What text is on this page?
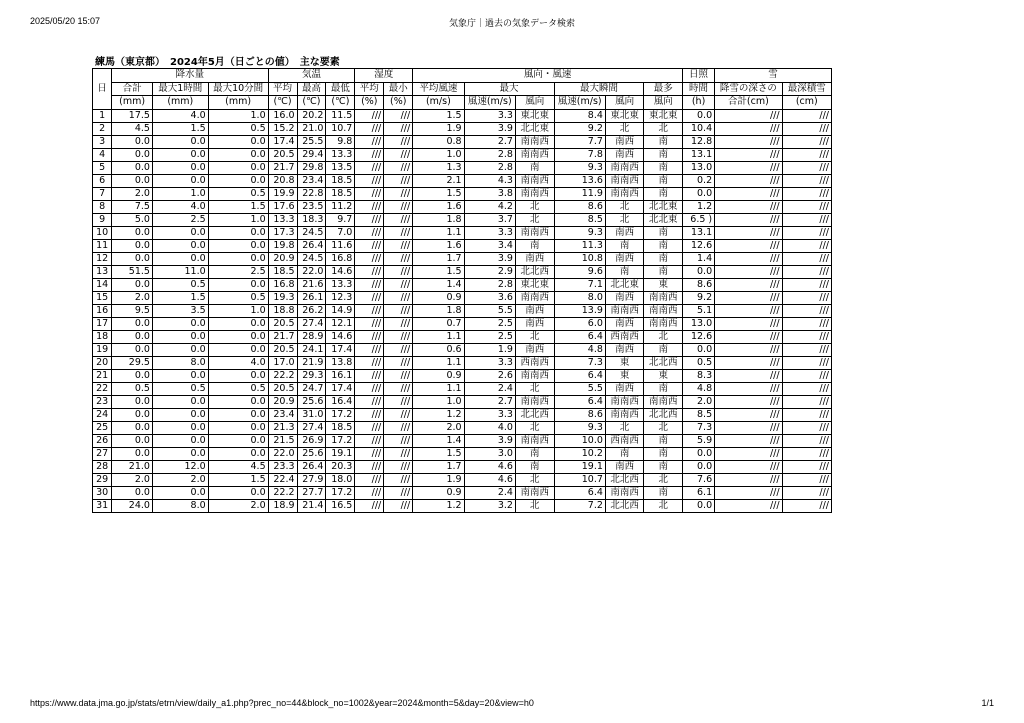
2025/05/20 15:07	気象庁｜過去の気象データ検索
練馬（東京都）　2024年5月（日ごとの値）　主な要素
日	降水量			気温			湿度		風向・風速						日照	雪	
	合計	最大1時間	最大10分間	平均	最高	最低	平均	最小	平均風速	最大		最大瞬間		最多	時間	降雪の深さの	最深積雪
	(mm)	(mm)	(mm)	(℃)	(℃)	(℃)	(%)	(%)	(m/s)	風速(m/s)	風向	風速(m/s)	風向	風向	(h)	合計(cm)	(cm)
1	17.5	4.0	1.0	16.0	20.2	11.5	///	///	1.5	3.3	東北東	8.4	東北東	東北東	0.0	///	///
2	4.5	1.5	0.5	15.2	21.0	10.7	///	///	1.9	3.9	北北東	9.2	北	北	10.4	///	///
3	0.0	0.0	0.0	17.4	25.5	9.8	///	///	0.8	2.7	南南西	7.7	南西	南	12.8	///	///
4	0.0	0.0	0.0	20.5	29.4	13.3	///	///	1.0	2.8	南南西	7.8	南西	南	13.1	///	///
5	0.0	0.0	0.0	21.7	29.8	13.5	///	///	1.3	2.8	南	9.3	南南西	南	13.0	///	///
6	0.0	0.0	0.0	20.8	23.4	18.5	///	///	2.1	4.3	南南西	13.6	南南西	南	0.2	///	///
7	2.0	1.0	0.5	19.9	22.8	18.5	///	///	1.5	3.8	南南西	11.9	南南西	南	0.0	///	///
8	7.5	4.0	1.5	17.6	23.5	11.2	///	///	1.6	4.2	北	8.6	北	北北東	1.2	///	///
9	5.0	2.5	1.0	13.3	18.3	9.7	///	///	1.8	3.7	北	8.5	北	北北東	6.5 )	///	///
10	0.0	0.0	0.0	17.3	24.5	7.0	///	///	1.1	3.3	南南西	9.3	南西	南	13.1	///	///
11	0.0	0.0	0.0	19.8	26.4	11.6	///	///	1.6	3.4	南	11.3	南	南	12.6	///	///
12	0.0	0.0	0.0	20.9	24.5	16.8	///	///	1.7	3.9	南西	10.8	南西	南	1.4	///	///
13	51.5	11.0	2.5	18.5	22.0	14.6	///	///	1.5	2.9	北北西	9.6	南	南	0.0	///	///
14	0.0	0.5	0.0	16.8	21.6	13.3	///	///	1.4	2.8	東北東	7.1	北北東	東	8.6	///	///
15	2.0	1.5	0.5	19.3	26.1	12.3	///	///	0.9	3.6	南南西	8.0	南西	南南西	9.2	///	///
16	9.5	3.5	1.0	18.8	26.2	14.9	///	///	1.8	5.5	南西	13.9	南南西	南南西	5.1	///	///
17	0.0	0.0	0.0	20.5	27.4	12.1	///	///	0.7	2.5	南西	6.0	南西	南南西	13.0	///	///
18	0.0	0.0	0.0	21.7	28.9	14.6	///	///	1.1	2.5	北	6.4	西南西	北	12.6	///	///
19	0.0	0.0	0.0	20.5	24.1	17.4	///	///	0.6	1.9	南西	4.8	南西	南	0.0	///	///
20	29.5	8.0	4.0	17.0	21.9	13.8	///	///	1.1	3.3	西南西	7.3	東	北北西	0.5	///	///
21	0.0	0.0	0.0	22.2	29.3	16.1	///	///	0.9	2.6	南南西	6.4	東	東	8.3	///	///
22	0.5	0.5	0.5	20.5	24.7	17.4	///	///	1.1	2.4	北	5.5	南西	南	4.8	///	///
23	0.0	0.0	0.0	20.9	25.6	16.4	///	///	1.0	2.7	南南西	6.4	南南西	南南西	2.0	///	///
24	0.0	0.0	0.0	23.4	31.0	17.2	///	///	1.2	3.3	北北西	8.6	南南西	北北西	8.5	///	///
25	0.0	0.0	0.0	21.3	27.4	18.5	///	///	2.0	4.0	北	9.3	北	北	7.3	///	///
26	0.0	0.0	0.0	21.5	26.9	17.2	///	///	1.4	3.9	南南西	10.0	西南西	南	5.9	///	///
27	0.0	0.0	0.0	22.0	25.6	19.1	///	///	1.5	3.0	南	10.2	南	南	0.0	///	///
28	21.0	12.0	4.5	23.3	26.4	20.3	///	///	1.7	4.6	南	19.1	南西	南	0.0	///	///
29	2.0	2.0	1.5	22.4	27.9	18.0	///	///	1.9	4.6	北	10.7	北北西	北	7.6	///	///
30	0.0	0.0	0.0	22.2	27.7	17.2	///	///	0.9	2.4	南南西	6.4	南南西	南	6.1	///	///
31	24.0	8.0	2.0	18.9	21.4	16.5	///	///	1.2	3.2	北	7.2	北北西	北	0.0	///	///
https://www.data.jma.go.jp/stats/etrn/view/daily_a1.php?prec_no=44&block_no=1002&year=2024&month=5&day=20&view=h0	1/1
